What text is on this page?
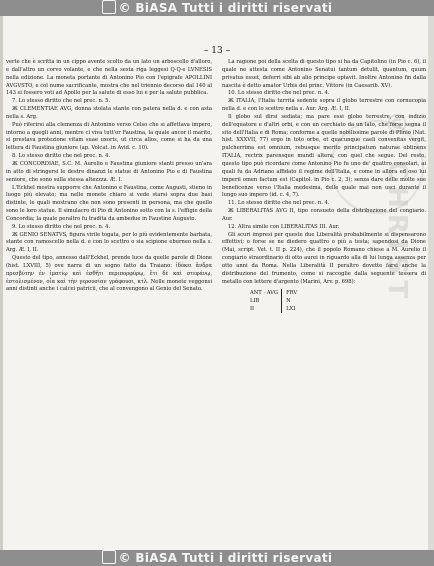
© CHRIST
© BiASA Tutti i diritti riservati
– 13 –

verte che è scritta in un cippo avente scolto da un lato un arboscello d'alloro, e dall'altro un corvo volante, e che nella sesta riga leggesi Q·Q·e LVNESIS nella edizione. La moneta portante di Antonino Pio con l'epigrafe APOLLINI AVGVSTO, e col nume sacrificante, mostra che nel triennio decorso dal 140 al 143 si fossero voti ad Apollo per la salute di esso lui e per la salute pubblica.

7. Lo stesso diritto che nel prec. n. 5.

Ж CLEMENTIAE AVG, donna stolata stante con patera nella d. e con asta nella s. Arg.

Può riferirsi alla clemenza di Antonino verso Celso che si affettava impero, intorno a quegli anni, mentre ci viva tutt'or Faustina, la quale ancor il marito, si prestava protezione vitam suae uxoris, ut circa alios, come si ha da una lettera di Faustina giuniore (ap. Volcat. in Avid. c. 10).

8. Lo stesso diritto che nel prec. n. 4.

Ж CONCORDIAE, S.C. M. Aurelio e Faustina giuniore stanti presso un'ara in atto di stringersi le destre dinanzi le statue di Antonino Pio e di Faustina seniore, che sono sulla stessa altezzza. Æ. I.

L'Eckhel mostra supporre che Antonino e Faustina, come Augusti, stieno in luogo più elevato; ma nelle monete chiaro si vede starsi sopra due basi distinte, le quali mostrano che non sono presenti in persona, ma che quello sono le loro statue. Il simulacro di Pio di Antonino sotto con la s. l'effigie della Concordia; la quale peraltro fu tradita da ambedue in Faustine Augusto.

9. Lo stesso diritto che nel prec. n. 4.

Ж GENIO SENATVS, figura virile togata, per lo più evidentemente barbata, stante con ramoscello nella d. e con lo scettro o sia scipione eburneo nella s. Arg. Æ. I, II.

Questo del tipo, annesso dall'Eckhel, prende luce da quelle parole di Dione (hist. LXVIII, 5) ove narra di un sogno fatto da Traiano: ἰδόκει ἄνδρα πρεσβύτην ἐν ἱματίῳ καὶ ἐσθῆτι περιπορφύρῳ, ἔτι δὲ καὶ στεφάνῳ, ἐστολισμένον, οἷα καὶ τὴν γερουσίαν γράφουσι, κτλ. Nelle monete veggonsi anni distinti anche i calcei patricii, che al convengono al Genio del Senato.

La ragione poi della scelta di questo tipo si ha da Capitolino (in Pio c. 6), il quale ne attesta come Antonino Senatui tantum detulit, quantum, quum privatus esset, deferri sibi ab alio principe optavit. Inoltre Antonino fin dalla nascita è detto amator Urbis del princ. Vittore (in Caesarib. XV).

10. Lo stesso diritto che nel prec. n. 4.

Ж ITALIA, l'Italia turrita sedente sopra il globo terrestre con cornucopia nella d. e con lo scettro nella s. Aur. Arg. Æ. I, II.

Il globo sul dirsi sediata; ma pare essi globo terrestre, con indizio dell'equatore e d'altri orbi, e con un cerchiato da un lato, che forse segna il sito dell'Italia e di Roma; conforme a quelle nobilissime parole di Plinio (Nat. hist. XXXVII, 77) ergo in toto orbe, et quacunque caeli convexitas vergit, pulcherrima est omnium, rebusque merito principatum naturae obtinens ITALIA, rectrix parensque mundi altera, con quel che segue. Del resto, questo tipo può ricordare come Antonino Pio fu uno de' quattro consolari, ai quali fu da Adriano affidato il regime dell'Italia, e come in allora ed oso lui imperii omen factum est (Capitol. in Pio c. 2, 3); senza dare delle molte sue beneficenze verso l'Italia medesima, delle quale mai non usci durante il lungo suo impero (id. c. 4, 7).

11. Lo stesso diritto che nel prec. n. 4.

Ж LIBERALITAS AVG II, tipo consueto della distribuzione del congiario. Aur.

12. Altra simile con LIBERALITAS III. Aur.

Gli scuri impresi per queste due Liberalità probabilmente si dispensarono effettivi; o forse se ne diedero quattro o più a testa; sapendosi da Dione (Mai, script. Vet. t. II p. 224), che il popolo Romano chiese a M. Aurelio il congiario straordinario di otto aurei in riguardo alla di lui lunga assenza per otto anni da Roma. Nella Liberalità II peraltro dovette farsi anche la distribuzione del frumento, come si raccoglie dalla seguente tessera di metallo con lettere d'argento (Marini, Arv. p. 698):

ANT · AVG
LIB
II
FRV
N
LXI
© BiASA Tutti i diritti riservati
